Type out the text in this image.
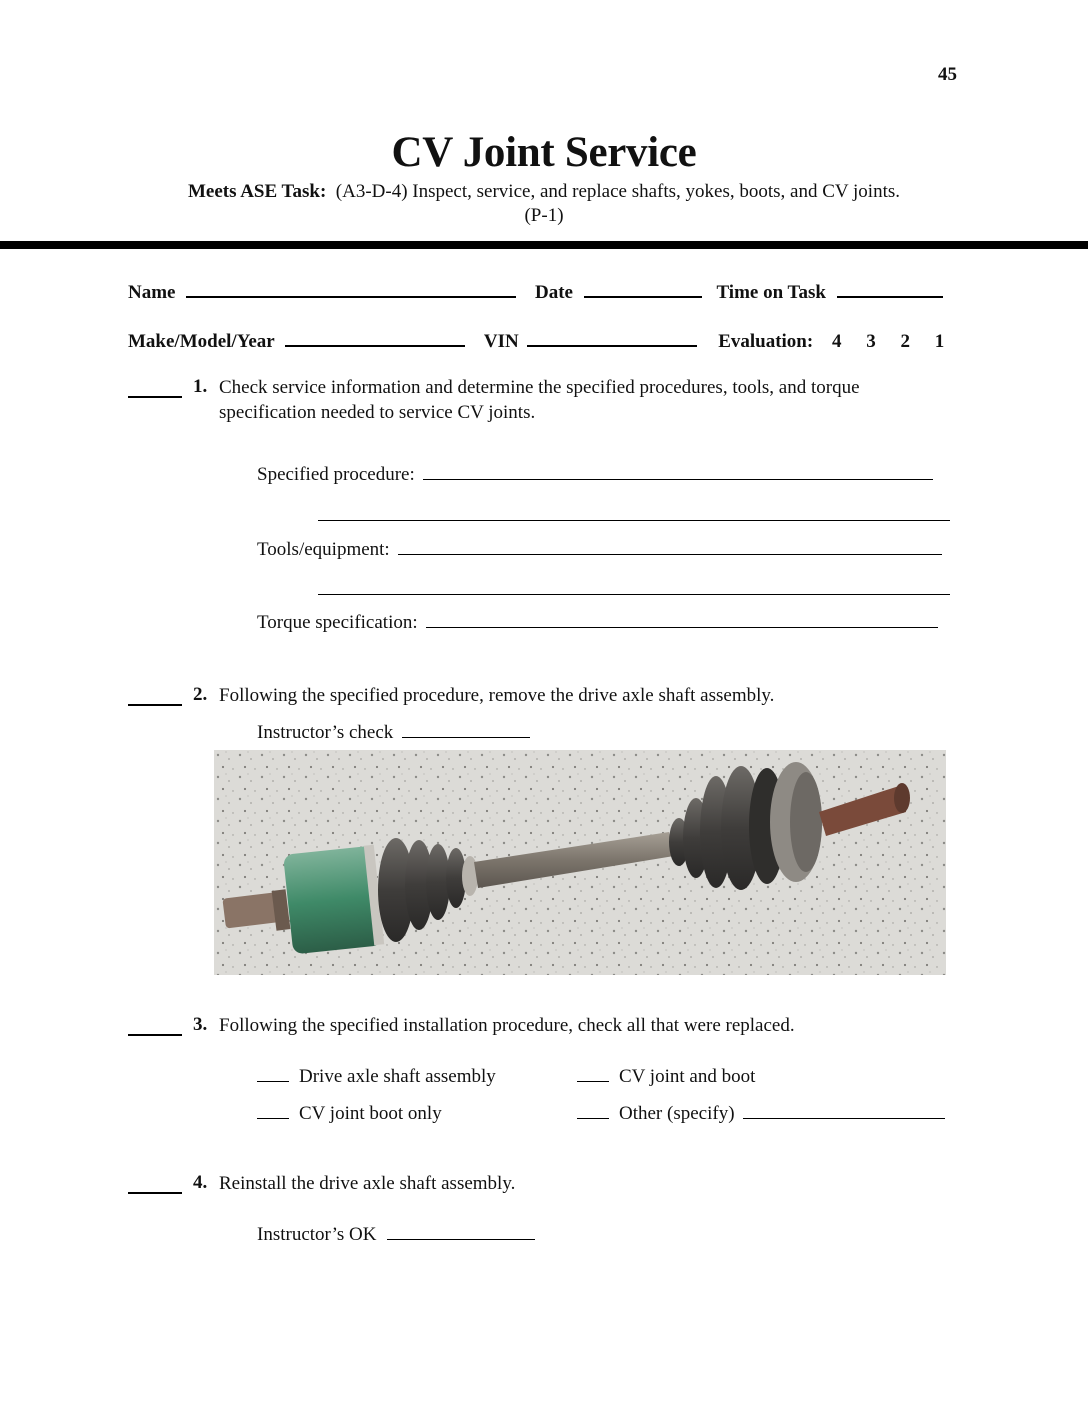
45
CV Joint Service
Meets ASE Task: (A3-D-4) Inspect, service, and replace shafts, yokes, boots, and CV joints.
(P-1)
Name	Date	Time on Task
Make/Model/Year	VIN	Evaluation: 4 3 2 1
1. Check service information and determine the specified procedures, tools, and torque
specification needed to service CV joints.
Specified procedure:
Tools/equipment:
Torque specification:
2. Following the specified procedure, remove the drive axle shaft assembly.
Instructor’s check
3. Following the specified installation procedure, check all that were replaced.
Drive axle shaft assembly	CV joint and boot
CV joint boot only	Other (specify)
4. Reinstall the drive axle shaft assembly.
Instructor’s OK
